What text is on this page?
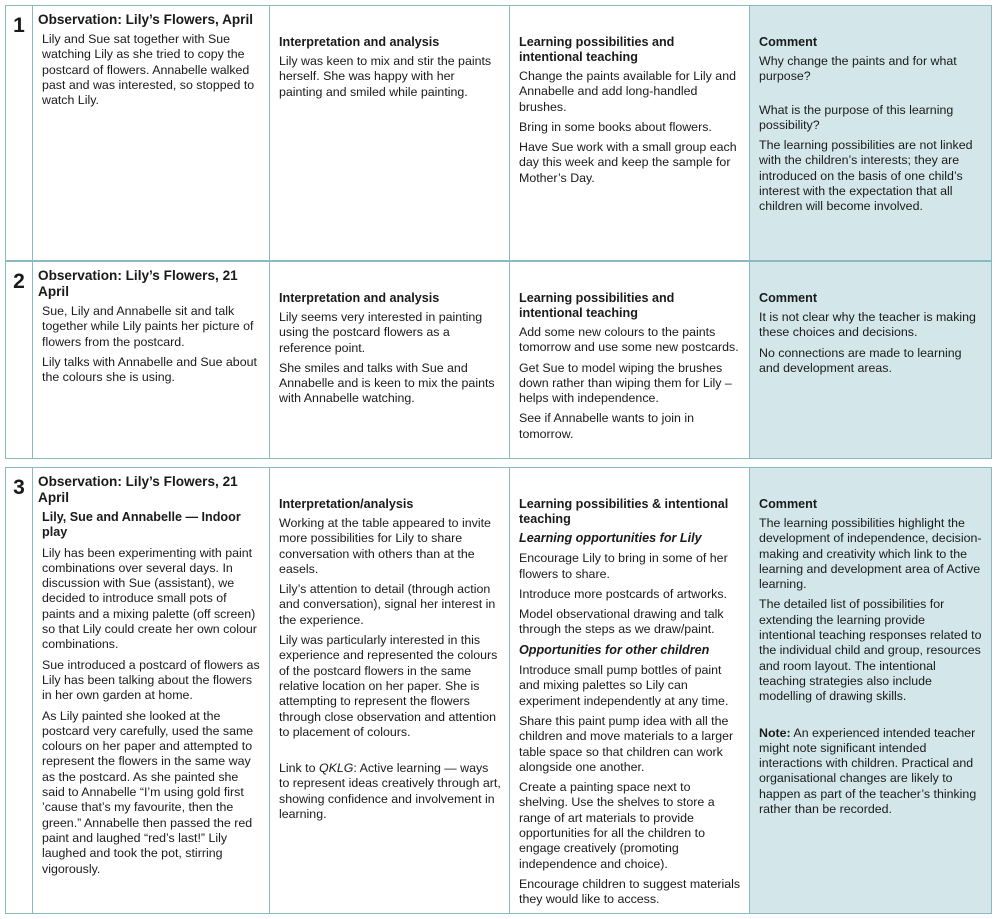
1 Observation: Lily’s Flowers, April

Lily and Sue sat together with Sue watching Lily as she tried to copy the postcard of flowers. Annabelle walked past and was interested, so stopped to watch Lily.

Interpretation and analysis

Lily was keen to mix and stir the paints herself. She was happy with her painting and smiled while painting.

Learning possibilities and intentional teaching

Change the paints available for Lily and Annabelle and add long-handled brushes.

Bring in some books about flowers.

Have Sue work with a small group each day this week and keep the sample for Mother’s Day.

Comment

Why change the paints and for what purpose?

What is the purpose of this learning possibility?

The learning possibilities are not linked with the children’s interests; they are introduced on the basis of one child’s interest with the expectation that all children will become involved.

2 Observation: Lily’s Flowers, 21 April

Sue, Lily and Annabelle sit and talk together while Lily paints her picture of flowers from the postcard.

Lily talks with Annabelle and Sue about the colours she is using.

Interpretation and analysis

Lily seems very interested in painting using the postcard flowers as a reference point.

She smiles and talks with Sue and Annabelle and is keen to mix the paints with Annabelle watching.

Learning possibilities and intentional teaching

Add some new colours to the paints tomorrow and use some new postcards.

Get Sue to model wiping the brushes down rather than wiping them for Lily – helps with independence.

See if Annabelle wants to join in tomorrow.

Comment

It is not clear why the teacher is making these choices and decisions.

No connections are made to learning and development areas.

3 Observation: Lily’s Flowers, 21 April
Lily, Sue and Annabelle — Indoor play

Lily has been experimenting with paint combinations over several days. In discussion with Sue (assistant), we decided to introduce small pots of paints and a mixing palette (off screen) so that Lily could create her own colour combinations.

Sue introduced a postcard of flowers as Lily has been talking about the flowers in her own garden at home.

As Lily painted she looked at the postcard very carefully, used the same colours on her paper and attempted to represent the flowers in the same way as the postcard. As she painted she said to Annabelle “I’m using gold first ’cause that’s my favourite, then the green.” Annabelle then passed the red paint and laughed “red’s last!” Lily laughed and took the pot, stirring vigorously.

Interpretation/analysis

Working at the table appeared to invite more possibilities for Lily to share conversation with others than at the easels.

Lily’s attention to detail (through action and conversation), signal her interest in the experience.

Lily was particularly interested in this experience and represented the colours of the postcard flowers in the same relative location on her paper. She is attempting to represent the flowers through close observation and attention to placement of colours.

Link to QKLG: Active learning — ways to represent ideas creatively through art, showing confidence and involvement in learning.

Learning possibilities & intentional teaching
Learning opportunities for Lily

Encourage Lily to bring in some of her flowers to share.

Introduce more postcards of artworks.

Model observational drawing and talk through the steps as we draw/paint.

Opportunities for other children

Introduce small pump bottles of paint and mixing palettes so Lily can experiment independently at any time.

Share this paint pump idea with all the children and move materials to a larger table space so that children can work alongside one another.

Create a painting space next to shelving. Use the shelves to store a range of art materials to provide opportunities for all the children to engage creatively (promoting independence and choice).

Encourage children to suggest materials they would like to access.

Comment

The learning possibilities highlight the development of independence, decision-making and creativity which link to the learning and development area of Active learning.

The detailed list of possibilities for extending the learning provide intentional teaching responses related to the individual child and group, resources and room layout. The intentional teaching strategies also include modelling of drawing skills.

Note: An experienced intended teacher might note significant intended interactions with children. Practical and organisational changes are likely to happen as part of the teacher’s thinking rather than be recorded.
